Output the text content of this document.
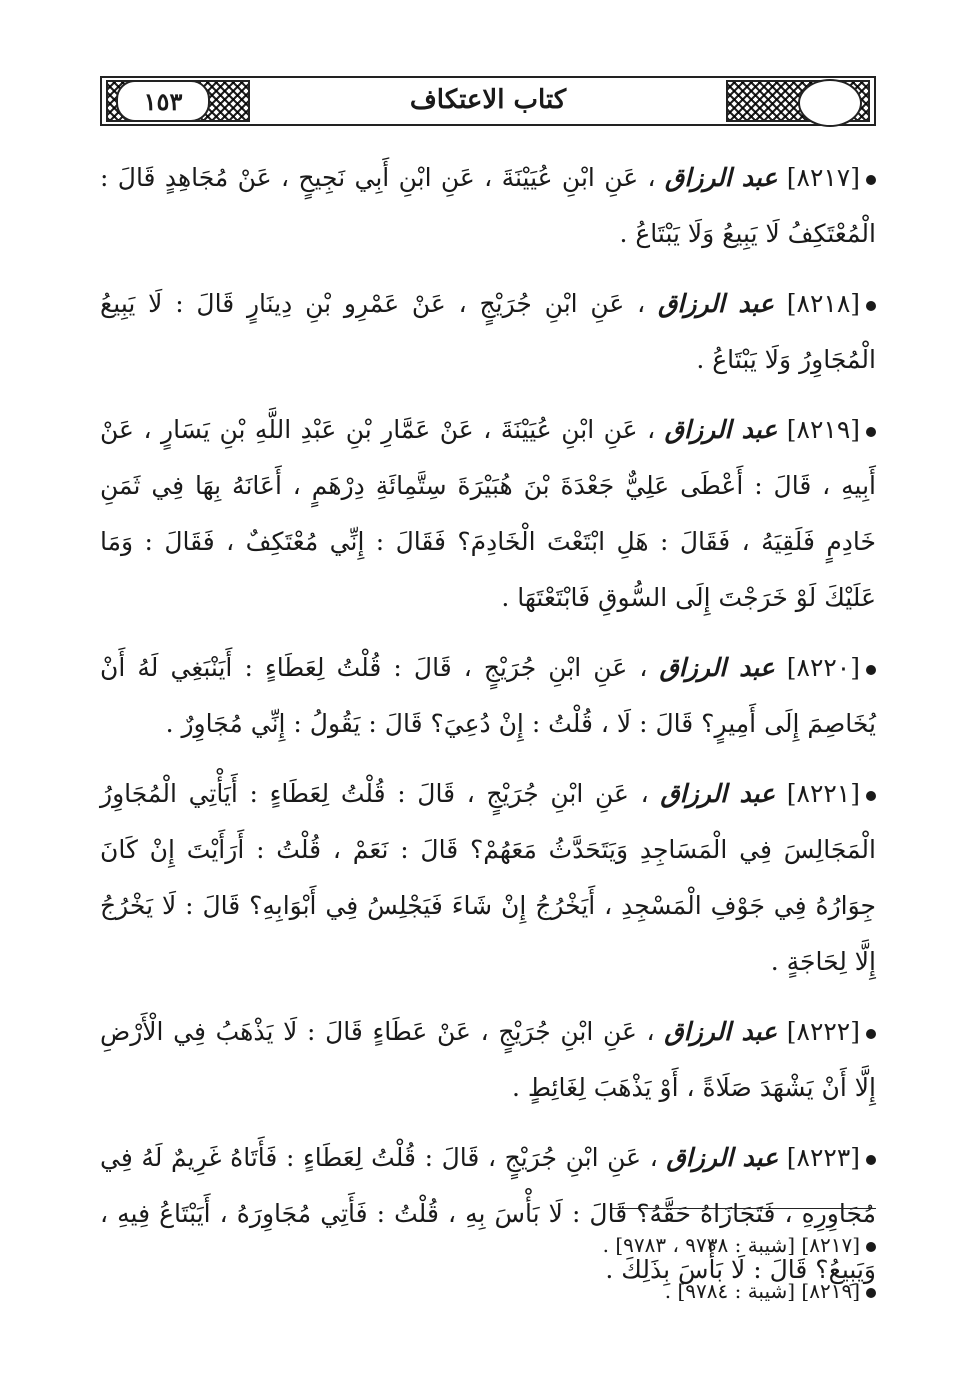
١٥٣	كتاب الاعتكاف

[٨٢١٧] عبد الرزاق ، عَنِ ابْنِ عُيَيْنَةَ ، عَنِ ابْنِ أَبِي نَجِيحٍ ، عَنْ مُجَاهِدٍ قَالَ : الْمُعْتَكِفُ لَا يَبِيعُ وَلَا يَبْتَاعُ .

[٨٢١٨] عبد الرزاق ، عَنِ ابْنِ جُرَيْجٍ ، عَنْ عَمْرِو بْنِ دِينَارٍ قَالَ : لَا يَبِيعُ الْمُجَاوِرُ وَلَا يَبْتَاعُ .

[٨٢١٩] عبد الرزاق ، عَنِ ابْنِ عُيَيْنَةَ ، عَنْ عَمَّارِ بْنِ عَبْدِ اللَّهِ بْنِ يَسَارٍ ، عَنْ أَبِيهِ ، قَالَ : أَعْطَى عَلِيٌّ جَعْدَةَ بْنَ هُبَيْرَةَ سِتَّمِائَةِ دِرْهَمٍ ، أَعَانَهُ بِهَا فِي ثَمَنِ خَادِمٍ فَلَقِيَهُ ، فَقَالَ : هَلِ ابْتَعْتَ الْخَادِمَ؟ فَقَالَ : إِنِّي مُعْتَكِفٌ ، فَقَالَ : وَمَا عَلَيْكَ لَوْ خَرَجْتَ إِلَى السُّوقِ فَابْتَعْتَهَا .

[٨٢٢٠] عبد الرزاق ، عَنِ ابْنِ جُرَيْجٍ ، قَالَ : قُلْتُ لِعَطَاءٍ : أَيَنْبَغِي لَهُ أَنْ يُخَاصِمَ إِلَى أَمِيرٍ؟ قَالَ : لَا ، قُلْتُ : إِنْ دُعِيَ؟ قَالَ : يَقُولُ : إِنِّي مُجَاوِرٌ .

[٨٢٢١] عبد الرزاق ، عَنِ ابْنِ جُرَيْجٍ ، قَالَ : قُلْتُ لِعَطَاءٍ : أَيَأْتِي الْمُجَاوِرُ الْمَجَالِسَ فِي الْمَسَاجِدِ وَيَتَحَدَّثُ مَعَهُمْ؟ قَالَ : نَعَمْ ، قُلْتُ : أَرَأَيْتَ إِنْ كَانَ جِوَارُهُ فِي جَوْفِ الْمَسْجِدِ ، أَيَخْرُجُ إِنْ شَاءَ فَيَجْلِسُ فِي أَبْوَابِهِ؟ قَالَ : لَا يَخْرُجُ إِلَّا لِحَاجَةٍ .

[٨٢٢٢] عبد الرزاق ، عَنِ ابْنِ جُرَيْجٍ ، عَنْ عَطَاءٍ قَالَ : لَا يَذْهَبُ فِي الْأَرْضِ إِلَّا أَنْ يَشْهَدَ صَلَاةً ، أَوْ يَذْهَبَ لِغَائِطٍ .

[٨٢٢٣] عبد الرزاق ، عَنِ ابْنِ جُرَيْجٍ ، قَالَ : قُلْتُ لِعَطَاءٍ : فَأَتَاهُ غَرِيمٌ لَهُ فِي مُجَاوِرِهِ ، فَتَجَازَاهُ حَقَّهُ؟ قَالَ : لَا بَأْسَ بِهِ ، قُلْتُ : فَأَتِي مُجَاوِرَهُ ، أَيَبْتَاعُ فِيهِ ، وَيَبِيعُ؟ قَالَ : لَا بَأْسَ بِذَلِكَ .

[٨٢١٧] [شيبة : ٩٧٣٨ ، ٩٧٨٣] .
[٨٢١٩] [شيبة : ٩٧٨٤] .
